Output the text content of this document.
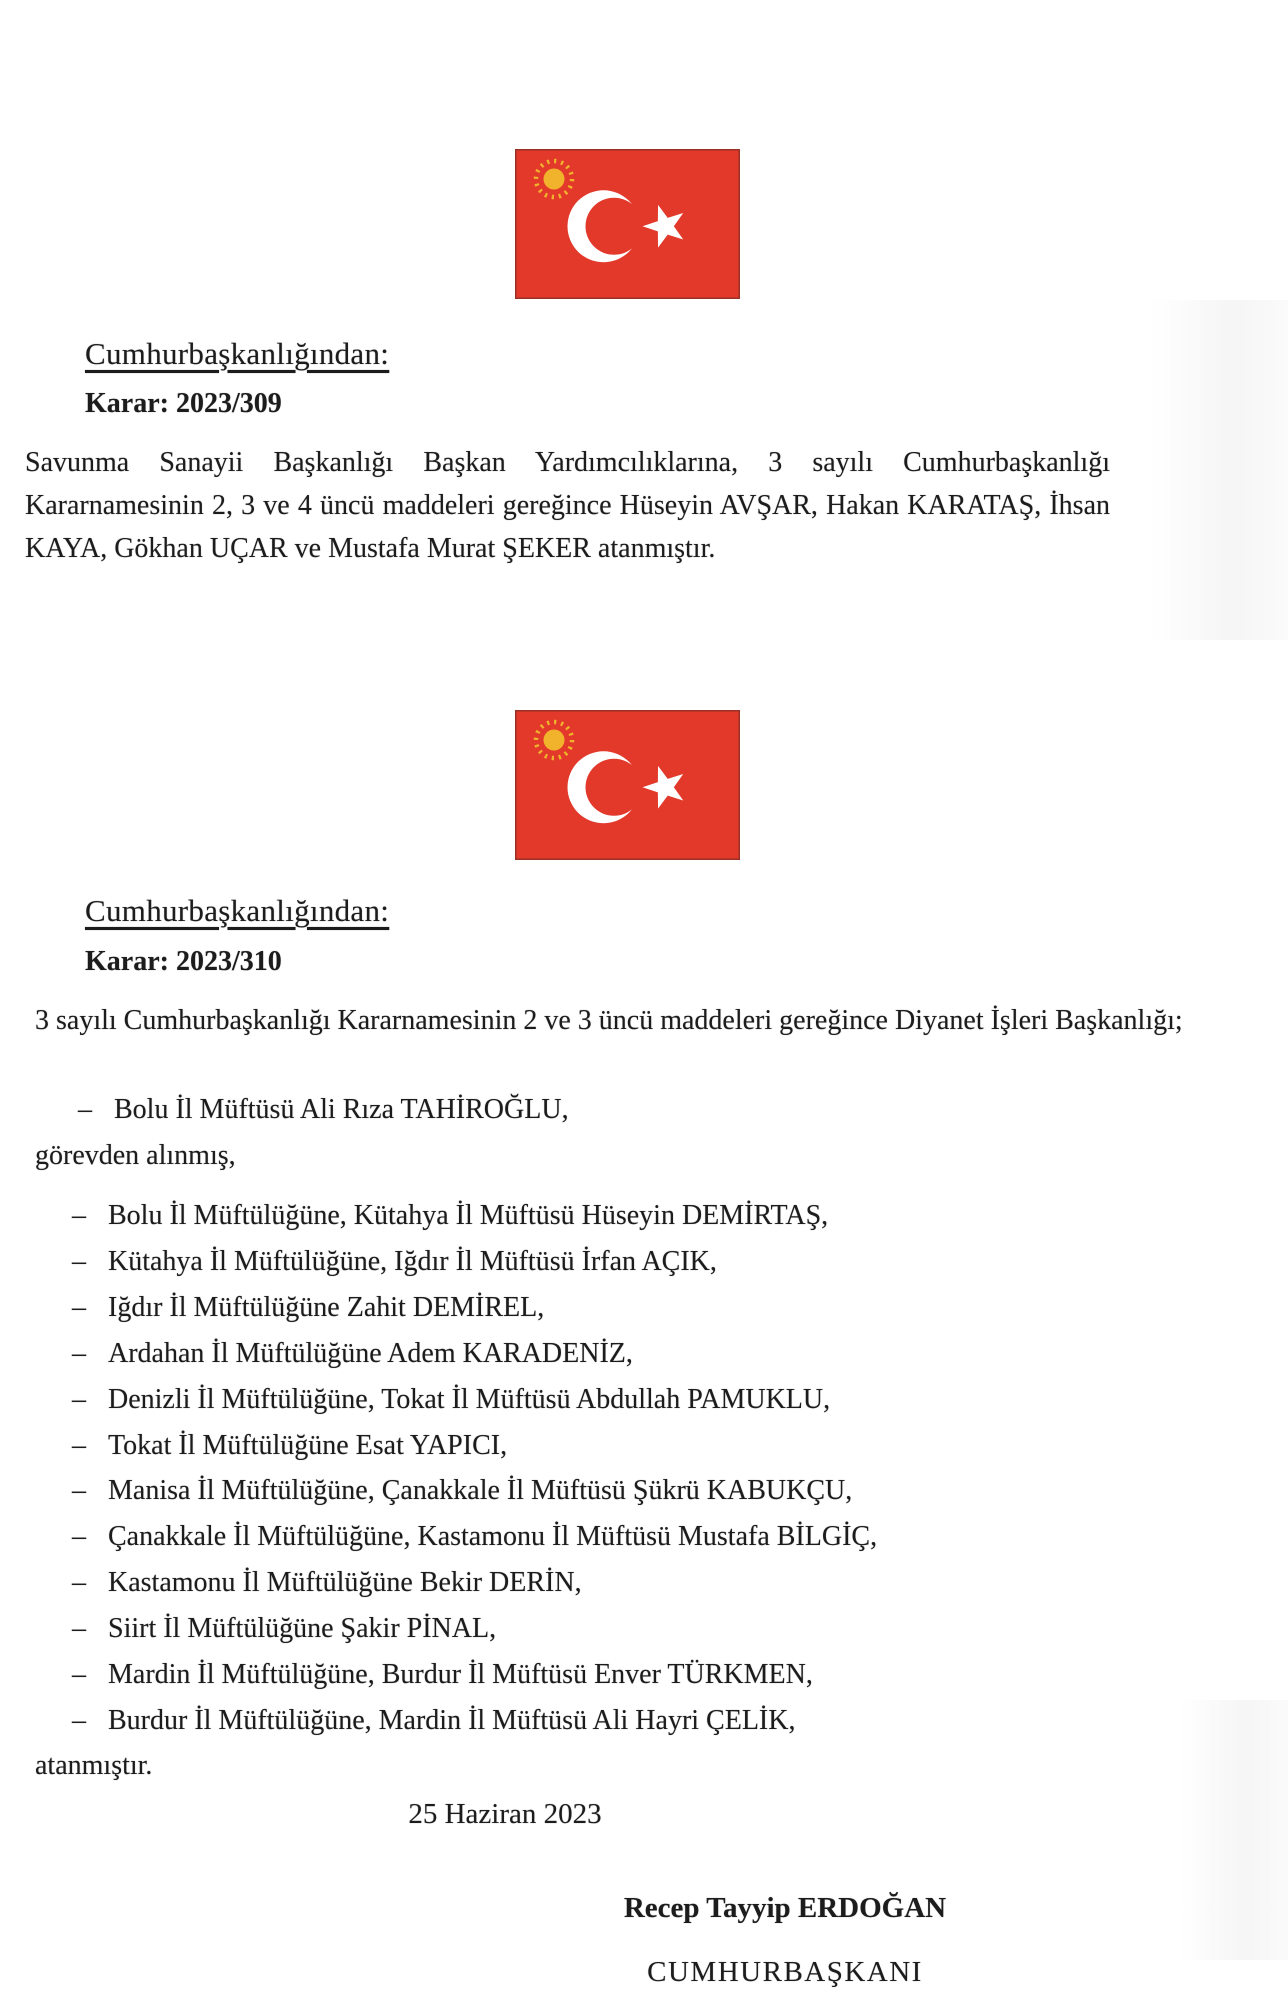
Cumhurbaşkanlığından:
Karar: 2023/309
Savunma Sanayii Başkanlığı Başkan Yardımcılıklarına, 3 sayılı Cumhurbaşkanlığı Kararnamesinin 2, 3 ve 4 üncü maddeleri gereğince Hüseyin AVŞAR, Hakan KARATAŞ, İhsan KAYA, Gökhan UÇAR ve Mustafa Murat ŞEKER atanmıştır.
Cumhurbaşkanlığından:
Karar: 2023/310
3 sayılı Cumhurbaşkanlığı Kararnamesinin 2 ve 3 üncü maddeleri gereğince Diyanet İşleri Başkanlığı;
– Bolu İl Müftüsü Ali Rıza TAHİROĞLU,
görevden alınmış,
– Bolu İl Müftülüğüne, Kütahya İl Müftüsü Hüseyin DEMİRTAŞ,
– Kütahya İl Müftülüğüne, Iğdır İl Müftüsü İrfan AÇIK,
– Iğdır İl Müftülüğüne Zahit DEMİREL,
– Ardahan İl Müftülüğüne Adem KARADENİZ,
– Denizli İl Müftülüğüne, Tokat İl Müftüsü Abdullah PAMUKLU,
– Tokat İl Müftülüğüne Esat YAPICI,
– Manisa İl Müftülüğüne, Çanakkale İl Müftüsü Şükrü KABUKÇU,
– Çanakkale İl Müftülüğüne, Kastamonu İl Müftüsü Mustafa BİLGİÇ,
– Kastamonu İl Müftülüğüne Bekir DERİN,
– Siirt İl Müftülüğüne Şakir PİNAL,
– Mardin İl Müftülüğüne, Burdur İl Müftüsü Enver TÜRKMEN,
– Burdur İl Müftülüğüne, Mardin İl Müftüsü Ali Hayri ÇELİK,
atanmıştır.
25 Haziran 2023
Recep Tayyip ERDOĞAN
CUMHURBAŞKANI
